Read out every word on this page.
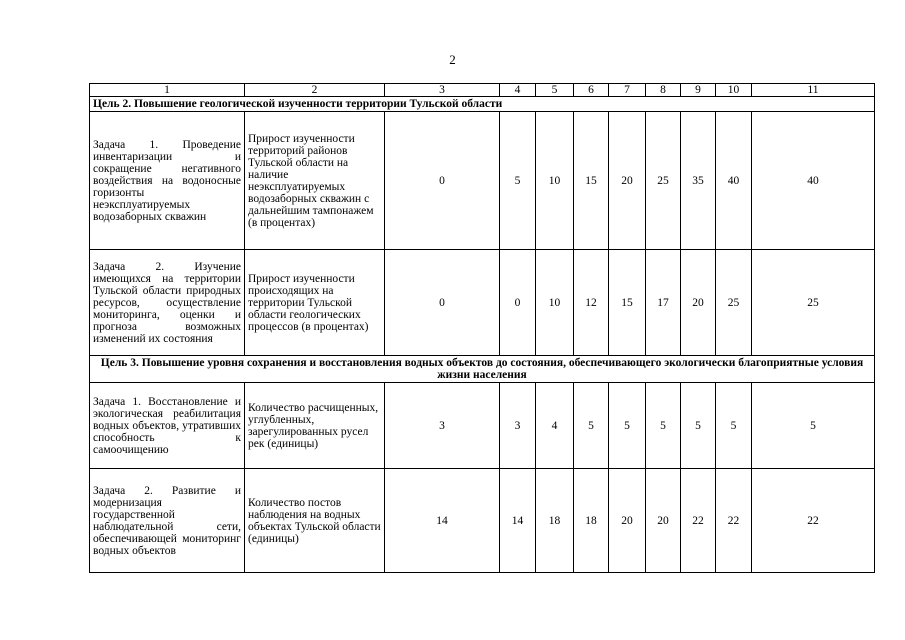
2
1	2	3	4	5	6	7	8	9	10	11
Цель 2. Повышение геологической изученности территории Тульской области										
Задача 1. Проведение инвентаризации и сокращение негативного воздействия на водоносные горизонты неэксплуатируемых водозаборных скважин	Прирост изученности территорий районов Тульской области на наличие неэксплуатируемых водозаборных скважин с дальнейшим тампонажем (в процентах)	0	5	10	15	20	25	35	40	40
Задача 2. Изучение имеющихся на территории Тульской области природных ресурсов, осуществление мониторинга, оценки и прогноза возможных изменений их состояния	Прирост изученности происходящих на территории Тульской области геологических процессов (в процентах)	0	0	10	12	15	17	20	25	25
Цель 3. Повышение уровня сохранения и восстановления водных объектов до состояния, обеспечивающего экологически благоприятные условия жизни населения										
Задача 1. Восстановление и экологическая реабилитация водных объектов, утративших способность к самоочищению	Количество расчищенных, углубленных, зарегулированных русел рек (единицы)	3	3	4	5	5	5	5	5	5
Задача 2. Развитие и модернизация государственной наблюдательной сети, обеспечивающей мониторинг водных объектов	Количество постов наблюдения на водных объектах Тульской области (единицы)	14	14	18	18	20	20	22	22	22
